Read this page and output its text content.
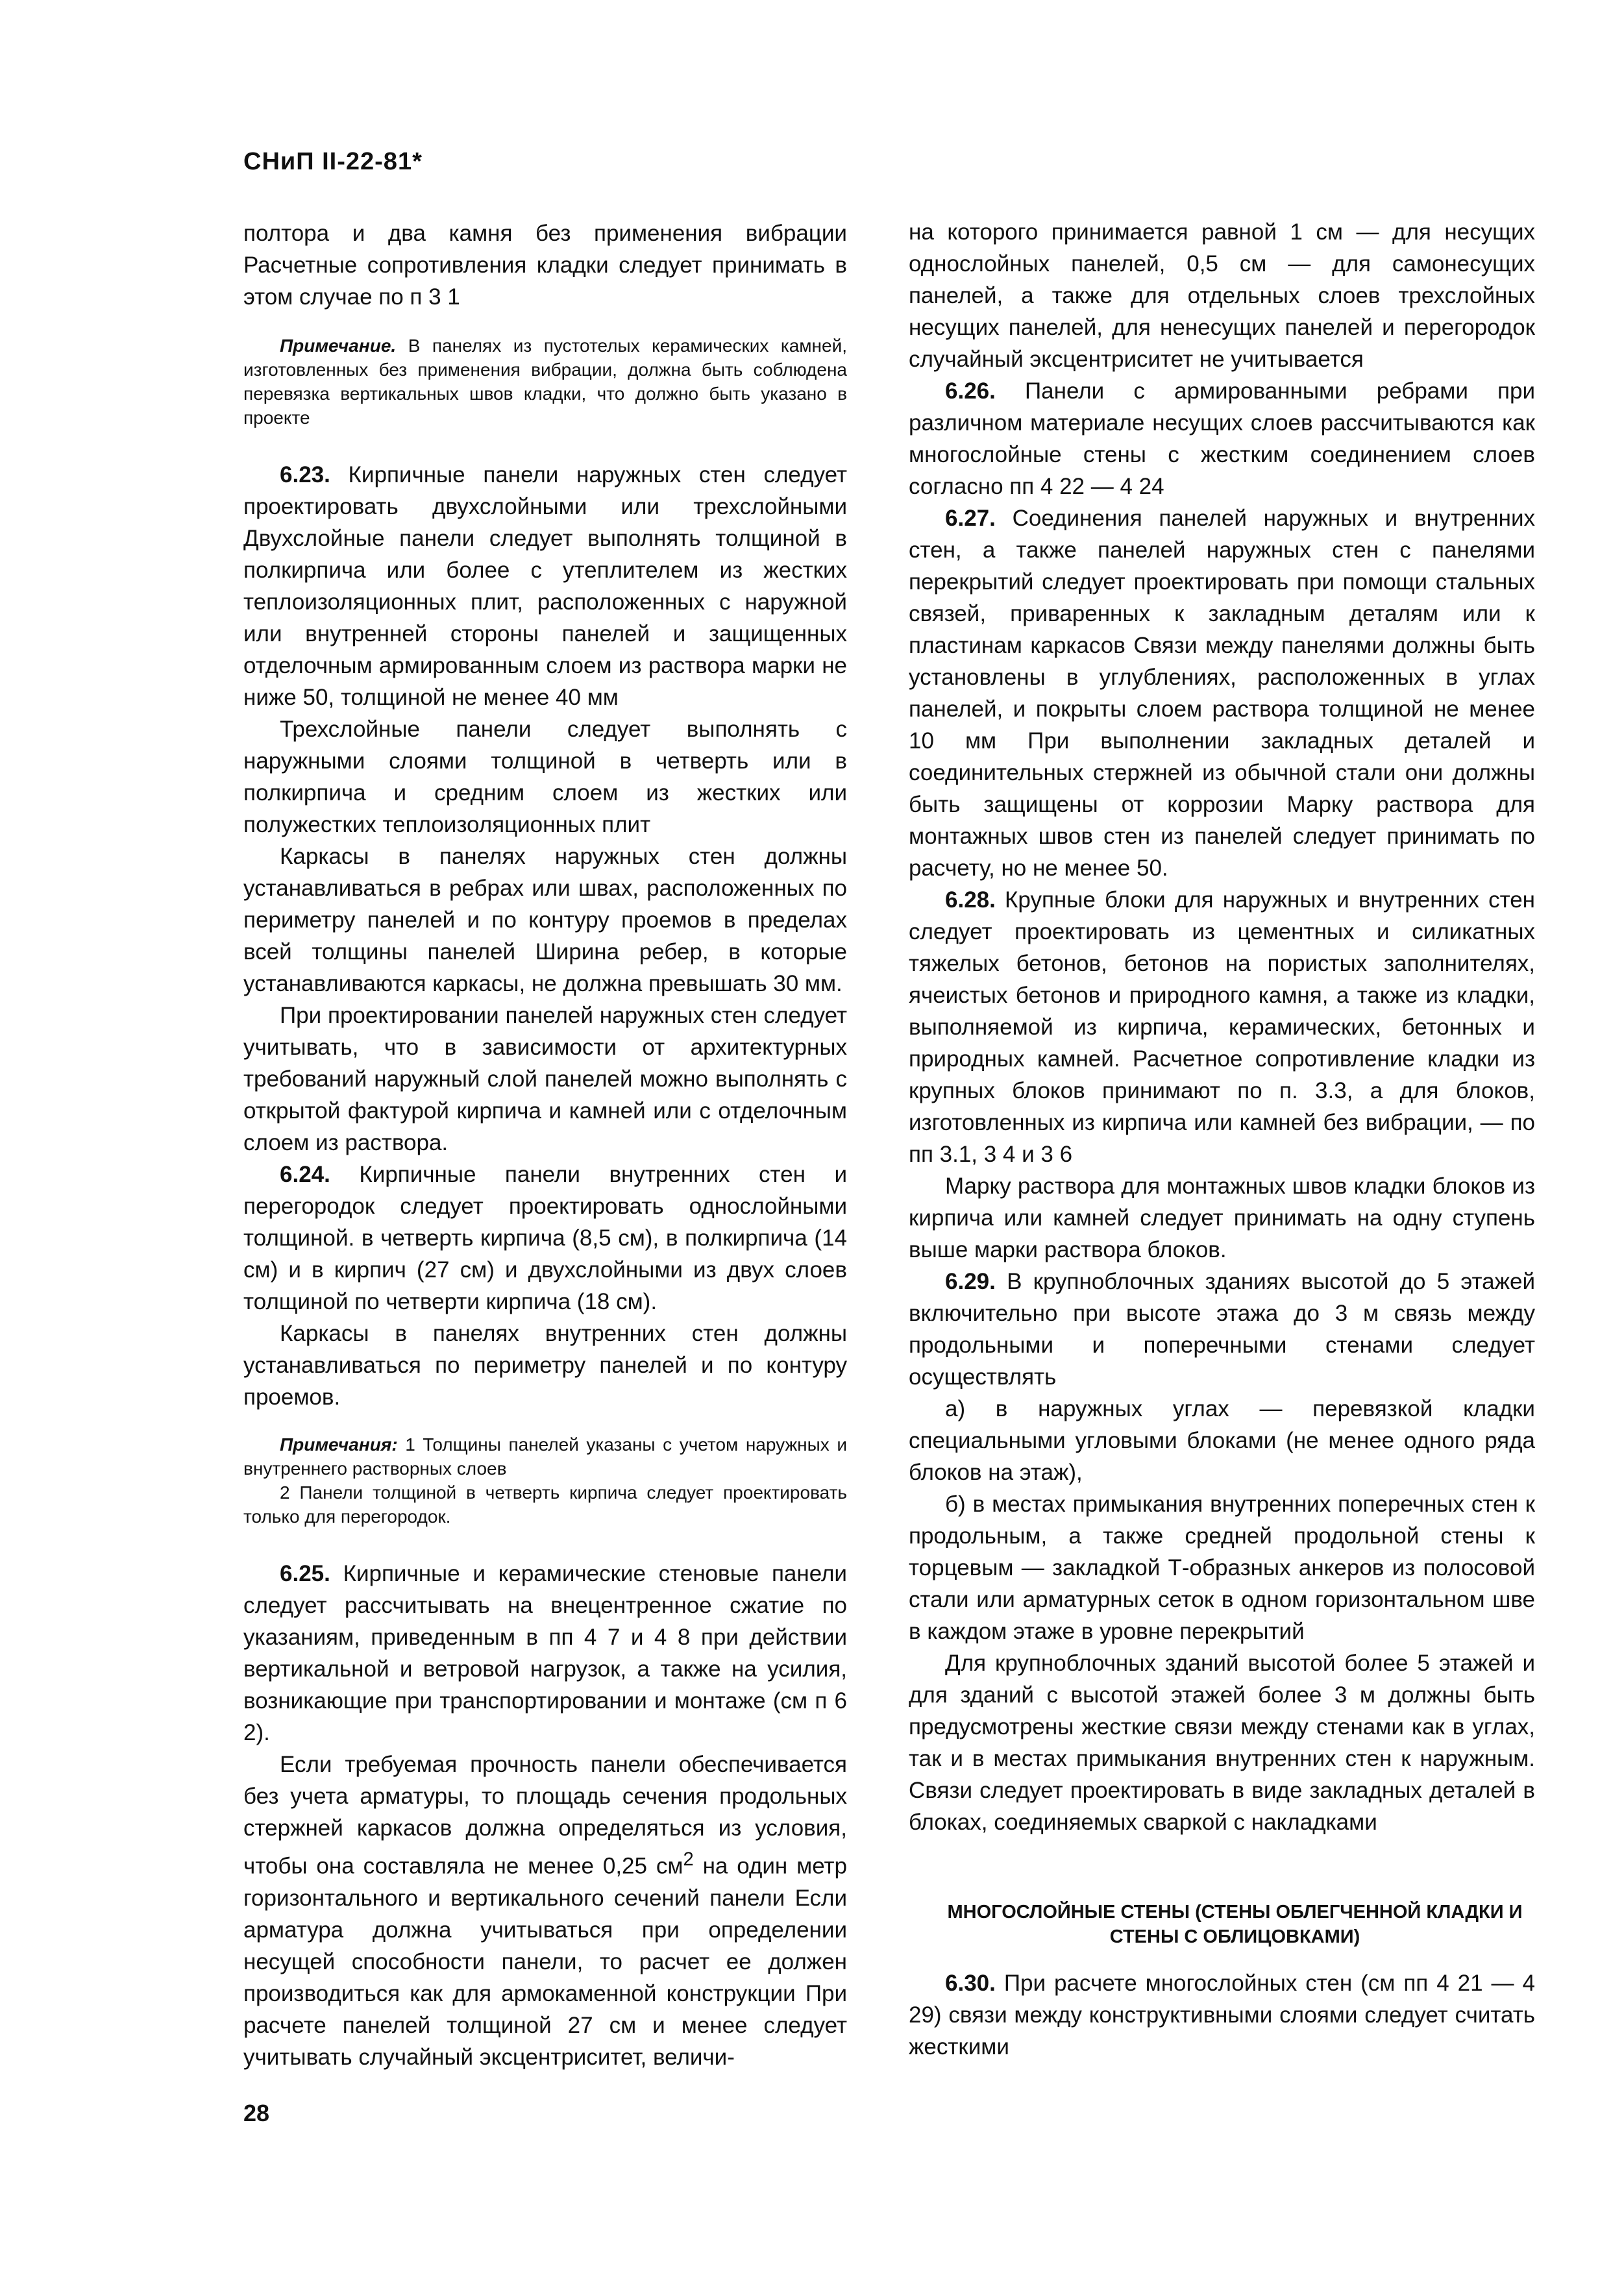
СНиП II-22-81*

полтора и два камня без применения вибрации Расчетные сопротивления кладки следует принимать в этом случае по п 3 1

Примечание. В панелях из пустотелых керамических камней, изготовленных без применения вибрации, должна быть соблюдена перевязка вертикальных швов кладки, что должно быть указано в проекте

6.23. Кирпичные панели наружных стен следует проектировать двухслойными или трехслойными Двухслойные панели следует выполнять толщиной в полкирпича или более с утеплителем из жестких теплоизоляционных плит, расположенных с наружной или внутренней стороны панелей и защищенных отделочным армированным слоем из раствора марки не ниже 50, толщиной не менее 40 мм

Трехслойные панели следует выполнять с наружными слоями толщиной в четверть или в полкирпича и средним слоем из жестких или полужестких теплоизоляционных плит

Каркасы в панелях наружных стен должны устанавливаться в ребрах или швах, расположенных по периметру панелей и по контуру проемов в пределах всей толщины панелей Ширина ребер, в которые устанавливаются каркасы, не должна превышать 30 мм.

При проектировании панелей наружных стен следует учитывать, что в зависимости от архитектурных требований наружный слой панелей можно выполнять с открытой фактурой кирпича и камней или с отделочным слоем из раствора.

6.24. Кирпичные панели внутренних стен и перегородок следует проектировать однослойными толщиной. в четверть кирпича (8,5 см), в полкирпича (14 см) и в кирпич (27 см) и двухслойными из двух слоев толщиной по четверти кирпича (18 см).

Каркасы в панелях внутренних стен должны устанавливаться по периметру панелей и по контуру проемов.

Примечания: 1 Толщины панелей указаны с учетом наружных и внутреннего растворных слоев

2 Панели толщиной в четверть кирпича следует проектировать только для перегородок.

6.25. Кирпичные и керамические стеновые панели следует рассчитывать на внецентренное сжатие по указаниям, приведенным в пп 4 7 и 4 8 при действии вертикальной и ветровой нагрузок, а также на усилия, возникающие при транспортировании и монтаже (см п 6 2).

Если требуемая прочность панели обеспечивается без учета арматуры, то площадь сечения продольных стержней каркасов должна определяться из условия, чтобы она составляла не менее 0,25 $см^2$ на один метр горизонтального и вертикального сечений панели Если арматура должна учитываться при определении несущей способности панели, то расчет ее должен производиться как для армокаменной конструкции При расчете панелей толщиной 27 см и менее следует учитывать случайный эксцентриситет, величи-

на которого принимается равной 1 см — для несущих однослойных панелей, 0,5 см — для самонесущих панелей, а также для отдельных слоев трехслойных несущих панелей, для ненесущих панелей и перегородок случайный эксцентриситет не учитывается

6.26. Панели с армированными ребрами при различном материале несущих слоев рассчитываются как многослойные стены с жестким соединением слоев согласно пп 4 22 — 4 24

6.27. Соединения панелей наружных и внутренних стен, а также панелей наружных стен с панелями перекрытий следует проектировать при помощи стальных связей, приваренных к закладным деталям или к пластинам каркасов Связи между панелями должны быть установлены в углублениях, расположенных в углах панелей, и покрыты слоем раствора толщиной не менее 10 мм При выполнении закладных деталей и соединительных стержней из обычной стали они должны быть защищены от коррозии Марку раствора для монтажных швов стен из панелей следует принимать по расчету, но не менее 50.

6.28. Крупные блоки для наружных и внутренних стен следует проектировать из цементных и силикатных тяжелых бетонов, бетонов на пористых заполнителях, ячеистых бетонов и природного камня, а также из кладки, выполняемой из кирпича, керамических, бетонных и природных камней. Расчетное сопротивление кладки из крупных блоков принимают по п. 3.3, а для блоков, изготовленных из кирпича или камней без вибрации, — по пп 3.1, 3 4 и 3 6

Марку раствора для монтажных швов кладки блоков из кирпича или камней следует принимать на одну ступень выше марки раствора блоков.

6.29. В крупноблочных зданиях высотой до 5 этажей включительно при высоте этажа до 3 м связь между продольными и поперечными стенами следует осуществлять

а) в наружных углах — перевязкой кладки специальными угловыми блоками (не менее одного ряда блоков на этаж),

б) в местах примыкания внутренних поперечных стен к продольным, а также средней продольной стены к торцевым — закладкой Т-образных анкеров из полосовой стали или арматурных сеток в одном горизонтальном шве в каждом этаже в уровне перекрытий

Для крупноблочных зданий высотой более 5 этажей и для зданий с высотой этажей более 3 м должны быть предусмотрены жесткие связи между стенами как в углах, так и в местах примыкания внутренних стен к наружным. Связи следует проектировать в виде закладных деталей в блоках, соединяемых сваркой с накладками

МНОГОСЛОЙНЫЕ СТЕНЫ (СТЕНЫ ОБЛЕГЧЕННОЙ КЛАДКИ И СТЕНЫ С ОБЛИЦОВКАМИ)

6.30. При расчете многослойных стен (см пп 4 21 — 4 29) связи между конструктивными слоями следует считать жесткими

28
